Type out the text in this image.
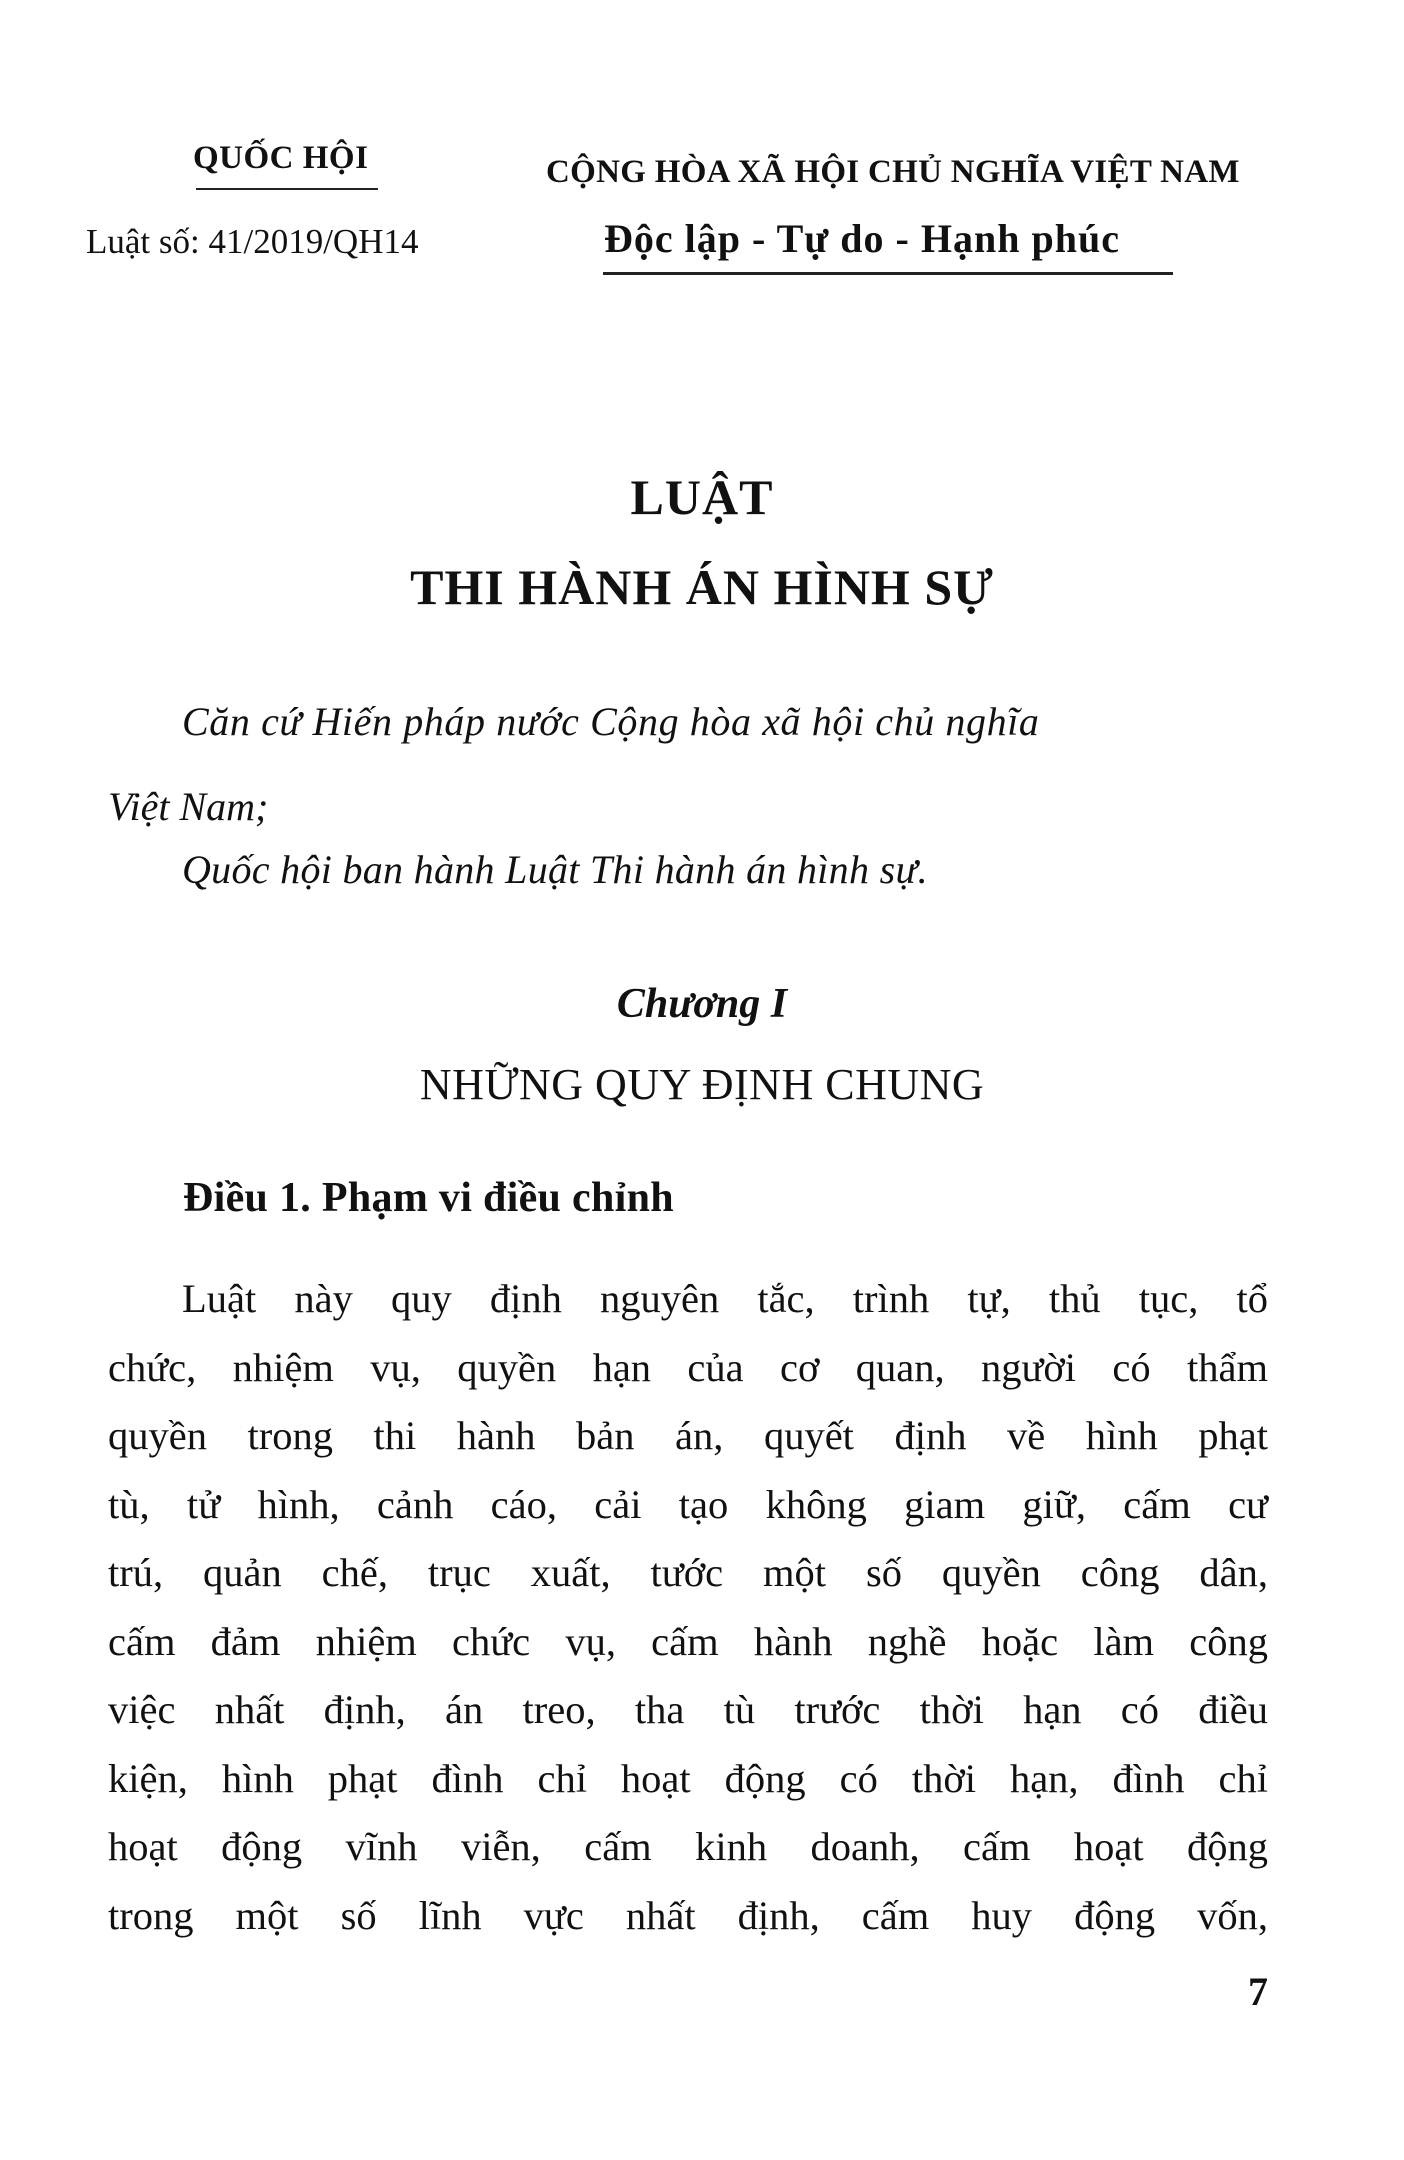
QUỐC HỘI
Luật số: 41/2019/QH14
CỘNG HÒA XÃ HỘI CHỦ NGHĨA VIỆT NAM
Độc lập - Tự do - Hạnh phúc
LUẬT
THI HÀNH ÁN HÌNH SỰ
Căn cứ Hiến pháp nước Cộng hòa xã hội chủ nghĩa
Việt Nam;
Quốc hội ban hành Luật Thi hành án hình sự.
Chương I
NHỮNG QUY ĐỊNH CHUNG
Điều 1. Phạm vi điều chỉnh
Luật này quy định nguyên tắc, trình tự, thủ tục, tổ
chức, nhiệm vụ, quyền hạn của cơ quan, người có thẩm
quyền trong thi hành bản án, quyết định về hình phạt
tù, tử hình, cảnh cáo, cải tạo không giam giữ, cấm cư
trú, quản chế, trục xuất, tước một số quyền công dân,
cấm đảm nhiệm chức vụ, cấm hành nghề hoặc làm công
việc nhất định, án treo, tha tù trước thời hạn có điều
kiện, hình phạt đình chỉ hoạt động có thời hạn, đình chỉ
hoạt động vĩnh viễn, cấm kinh doanh, cấm hoạt động
trong một số lĩnh vực nhất định, cấm huy động vốn,
7
